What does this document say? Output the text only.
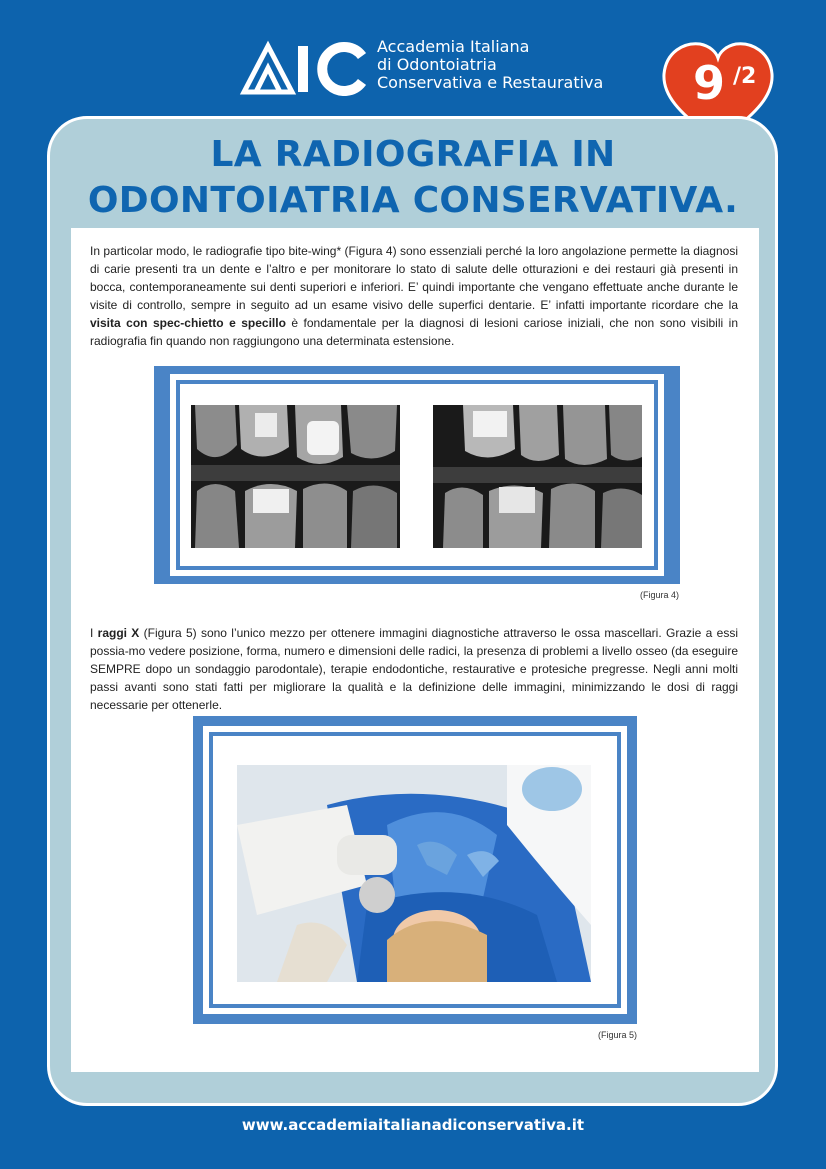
Accademia Italiana
di Odontoiatria
Conservativa e Restaurativa 9 /2
LA RADIOGRAFIA IN
ODONTOIATRIA CONSERVATIVA.
In particolar modo, le radiografie tipo bite-wing* (Figura 4) sono essenziali perché la loro angolazione permette la diagnosi di carie presenti tra un dente e l’altro e per monitorare lo stato di salute delle otturazioni e dei restauri già presenti in bocca, contemporaneamente sui denti superiori e inferiori. E’ quindi importante che vengano effettuate anche durante le visite di controllo, sempre in seguito ad un esame visivo delle superfici dentarie. E’ infatti importante ricordare che la visita con spec-chietto e specillo è fondamentale per la diagnosi di lesioni cariose iniziali, che non sono visibili in radiografia fin quando non raggiungono una determinata estensione.
(Figura 4)
I raggi X (Figura 5) sono l’unico mezzo per ottenere immagini diagnostiche attraverso le ossa mascellari. Grazie a essi possia-mo vedere posizione, forma, numero e dimensioni delle radici, la presenza di problemi a livello osseo (da eseguire SEMPRE dopo un sondaggio parodontale), terapie endodontiche, restaurative e protesiche pregresse. Negli anni molti passi avanti sono stati fatti per migliorare la qualità e la definizione delle immagini, minimizzando le dosi di raggi necessarie per ottenerle.
(Figura 5)
www.accademiaitalianadiconservativa.it
